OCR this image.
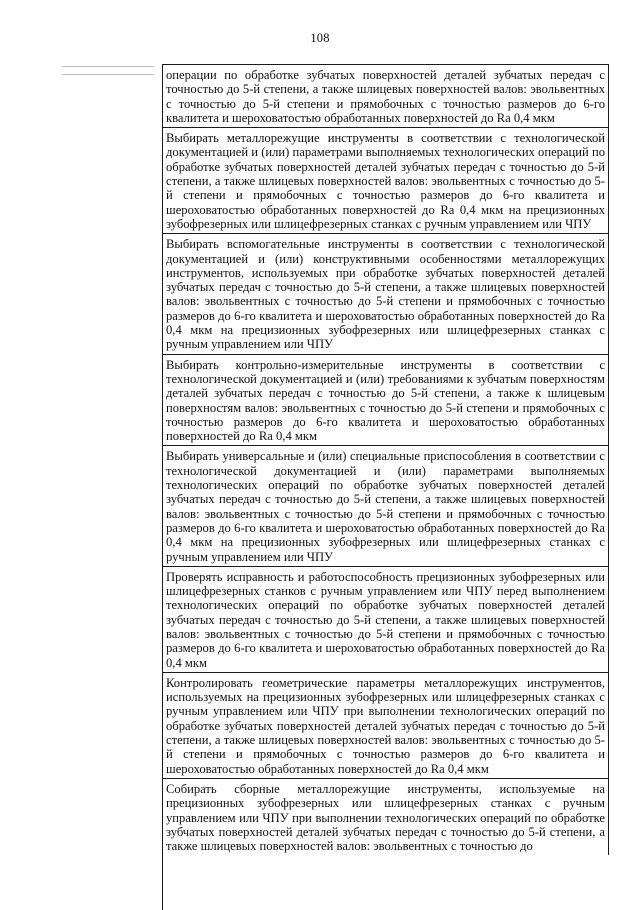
108
операции по обработке зубчатых поверхностей деталей зубчатых передач с точностью до 5-й степени, а также шлицевых поверхностей валов: эвольвентных с точностью до 5-й степени и прямобочных с точностью размеров до 6-го квалитета и шероховатостью обработанных поверхностей до Ra 0,4 мкм
Выбирать металлорежущие инструменты в соответствии с технологической документацией и (или) параметрами выполняемых технологических операций по обработке зубчатых поверхностей деталей зубчатых передач с точностью до 5-й степени, а также шлицевых поверхностей валов: эвольвентных с точностью до 5-й степени и прямобочных с точностью размеров до 6-го квалитета и шероховатостью обработанных поверхностей до Ra 0,4 мкм на прецизионных зубофрезерных или шлицефрезерных станках с ручным управлением или ЧПУ
Выбирать вспомогательные инструменты в соответствии с технологической документацией и (или) конструктивными особенностями металлорежущих инструментов, используемых при обработке зубчатых поверхностей деталей зубчатых передач с точностью до 5-й степени, а также шлицевых поверхностей валов: эвольвентных с точностью до 5-й степени и прямобочных с точностью размеров до 6-го квалитета и шероховатостью обработанных поверхностей до Ra 0,4 мкм на прецизионных зубофрезерных или шлицефрезерных станках с ручным управлением или ЧПУ
Выбирать контрольно-измерительные инструменты в соответствии с технологической документацией и (или) требованиями к зубчатым поверхностям деталей зубчатых передач с точностью до 5-й степени, а также к шлицевым поверхностям валов: эвольвентных с точностью до 5-й степени и прямобочных с точностью размеров до 6-го квалитета и шероховатостью обработанных поверхностей до Ra 0,4 мкм
Выбирать универсальные и (или) специальные приспособления в соответствии с технологической документацией и (или) параметрами выполняемых технологических операций по обработке зубчатых поверхностей деталей зубчатых передач с точностью до 5-й степени, а также шлицевых поверхностей валов: эвольвентных с точностью до 5-й степени и прямобочных с точностью размеров до 6-го квалитета и шероховатостью обработанных поверхностей до Ra 0,4 мкм на прецизионных зубофрезерных или шлицефрезерных станках с ручным управлением или ЧПУ
Проверять исправность и работоспособность прецизионных зубофрезерных или шлицефрезерных станков с ручным управлением или ЧПУ перед выполнением технологических операций по обработке зубчатых поверхностей деталей зубчатых передач с точностью до 5-й степени, а также шлицевых поверхностей валов: эвольвентных с точностью до 5-й степени и прямобочных с точностью размеров до 6-го квалитета и шероховатостью обработанных поверхностей до Ra 0,4 мкм
Контролировать геометрические параметры металлорежущих инструментов, используемых на прецизионных зубофрезерных или шлицефрезерных станках с ручным управлением или ЧПУ при выполнении технологических операций по обработке зубчатых поверхностей деталей зубчатых передач с точностью до 5-й степени, а также шлицевых поверхностей валов: эвольвентных с точностью до 5-й степени и прямобочных с точностью размеров до 6-го квалитета и шероховатостью обработанных поверхностей до Ra 0,4 мкм
Собирать сборные металлорежущие инструменты, используемые на прецизионных зубофрезерных или шлицефрезерных станках с ручным управлением или ЧПУ при выполнении технологических операций по обработке зубчатых поверхностей деталей зубчатых передач с точностью до 5-й степени, а также шлицевых поверхностей валов: эвольвентных с точностью до
